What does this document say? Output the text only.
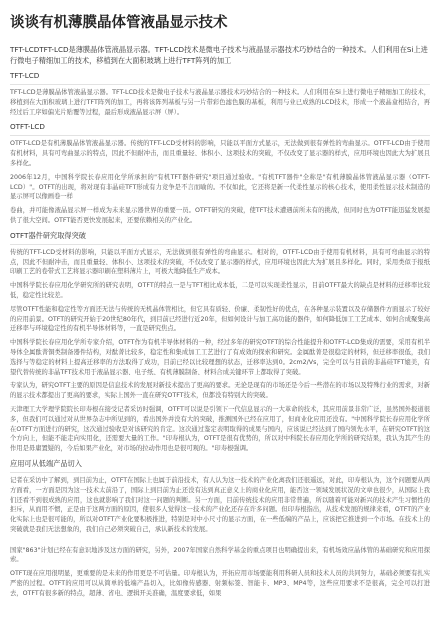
谈谈有机薄膜晶体管液晶显示技术

TFT-LCDTFT-LCD是薄膜晶体管液晶显示器。TFT-LCD技术是微电子技术与液晶显示器技术巧妙结合的一种技术。人们利用在Si上进行微电子精细加工的技术，移植到在大面积玻璃上进行TFT阵列的加工

TFT-LCD

TFT-LCD是薄膜晶体管液晶显示器。TFT-LCD技术是微电子技术与液晶显示器技术巧妙结合的一种技术。人们利用在Si上进行微电子精细加工的技术，移植到在大面积玻璃上进行TFT阵列的加工，再将该阵列基板与另一片带彩色滤色膜的基板，利用与业已成熟的LCD技术，形成一个液晶盒相结合，再经过后工序如偏光片贴覆等过程，最后形成液晶显示屏（屏）。

OTFT-LCD

OTFT-LCD是有机薄膜晶体管液晶显示器。传统的TFT-LCD受材料的影响，只能以平面方式显示，无法做到很有弹性的弯曲显示。OTFT-LCD由于使用有机材料，具有可弯曲显示的特点，因此不但耐冲击，而且重量轻、体积小、这项技术的突破，不仅改变了显示器的样式，应用环境也因此大为扩展且多样化。

2006年12月，中国科学院长春应用化学所承担的"有机TFT器件研究"项目通过验收。"有机TFT器件"全称是"有机薄膜晶体管液晶显示器（OTFT-LCD）"。OTFT的出现，将对现有非晶硅TFT形成有力竞争是不言而喻的。不仅如此，它还将是新一代柔性显示的核心技术，使用柔性显示技术制造的显示屏可以像画卷一样

卷曲，并可能像液晶显示屏一样成为未来显示器世界的重要一员。OTFT研究的突破，使TFT技术遭遇前所未有的挑战，但同时也为OTFT能迅猛发展提供了很大空间。OTFT能否更快发展起来，还要依赖相关的产业化。

OTFT器件研究取得突破

传统的TFT-LCD受材料的影响，只能以平面方式显示，无法做到很有弹性的弯曲显示。相对的，OTFT-LCD由于使用有机材料，具有可弯曲显示的特点，因此不但耐冲击，而且重量轻、体积小、这项技术的突破，不仅改变了显示器的样式，应用环境也因此大为扩展且多样化。同时，采用类似于报纸印刷工艺的卷带式工艺将显示器印刷在塑料薄片上，可极大地降低生产成本。

中国科学院长春应用化学研究所的研究表明，OTFT的特点一是与TFT相比成本低，二是可以实现柔性显示，目前OTFT最大的缺点是材料的迁移率比较低，稳定性比较差。

尽管OTFT性能和稳定性等方面还无法与传统的无机晶体管相比，但它具有质轻、价廉、柔韧性好的优点，在各种显示装置以及存储器件方面显示了较好的应用前景。OTFT的研究开始于20世纪80年代，到目前已经进行近20年，但如何设计与加工高功能的器件，如何降低加工工艺成本、如何合成聚集高迁移率与环境稳定性的有机半导体材料等，一直是研究焦点。

中国科学院长春应用化学所专家介绍，OTFT作为有机半导体材料的一种，经过多年的研究OTFT的综合性能提升和OTFT-LCD集成的需要，采用有机半导体全属酞菁铜类制备器件结构，对酞菁比较多，稳定性和集成加工工艺进行了有成效的探索和研究。金属酞菁是很稳定的材料，但迁移率很低，我们选择与等稳定的材料上提高迁移率的方法取得了成功，目前已经以比较理想的状态，迁移率达到0。2cm2/Vs，完全可以与目前的非晶硅TFT媲美，有望代替传统的非晶TFT技术用于液晶显示器、电子纸、有机薄膜制备、材料合成关键环节上都取得了突破。

专家认为，研究OTFT主要的原因是信息技术的发展对新技术提出了更高的要求。无论是现有的市场还是今后一些潜在的市场以及特殊行业的需求，对新的显示技术都提出了更高的要求，实际上国外一直在研究OTFT技术，但都没有特别大的突破。

天津理工大学理学院院长印寿根在接受记者采访时强调，OTFT可以说是引领下一代信息显示的一大革命的技术，其应用前景非常广泛，虽然国外报道很多，但我们可以通过对从世界杂志中所见到的，看出国外并没有大的突破，推测国外已经在应用了，但商业化应用还没有。"中国科学院长春应用化学所在OTFT方面进行的研究，这次通过验收是对该研究的肯定。这次通过鉴定表明取得的成果与国内，应该说已经达到了国内领先水平，在研究OTFT的这个方向上，但能不能走向实用化，还需要大量的工作。"印寿根认为，OTFT是很有优势的，所以对中科院长春应用化学所的研究结果，我认为其产生的作用是毋庸置疑的，今后如果产业化，对市场的拉动作用也是很可观的。"印寿根强调。

应用可从低端产品切入

记者在采访中了解到，到目前为止，OTFT在国际上也属于前沿技术，有人认为这一技术的产业化离我们还很遥远，对此，印寿根认为，这个问题要从两方面看，一方面是因为这一技术太前沿了，国际上到目前为止还没有达到真正意义上的商业化应用，能否这一领域发展状况的文章也很少，从国际上我们还看不到很成熟的应用，这也就影响了我们对这一问题的判断。另一方面，目前传统技术的应用非常普遍，所以随着可能对新兴的技术产生习惯性的拒斥，从而用不惯，正是由于这两方面的原因，使很多人觉得这一技术的产业化还存在许多问题。但印寿根指出，从技术发展的规律来看，OTFT的产业化实际上也是很可能的，所以对OTFT产业化要积极推进，特别是对中小尺寸的显示方面，在一些低端的产品上，应该把它推进到一个市场。在技术上的突破就是我们无法想象的，我们自己必须突破自己，承认新技术的发展。

国家"863"计划已经在有意识地涉及这方面的研究，另外，2007年国家自然科学基金的重点项目也明确提出来，有机场效应晶体管的基础研究和应用探索。

OTFT现在应用很明显，更重要的是未来的作用更是不可估量。印寿根认为，开拓应用市场要能利用科研人员和技术人员的共同努力，基础必须要有扎实严密的过程。OTFT的应用可以从简单的低端产品切入，比如像传感器、射频标签、智能卡、MP3、MP4等，这些应用要求不是很高，完全可以打进去，OTFT有很多新的特点，超薄、省电、逻辑开关准确，温度要求低，如果
